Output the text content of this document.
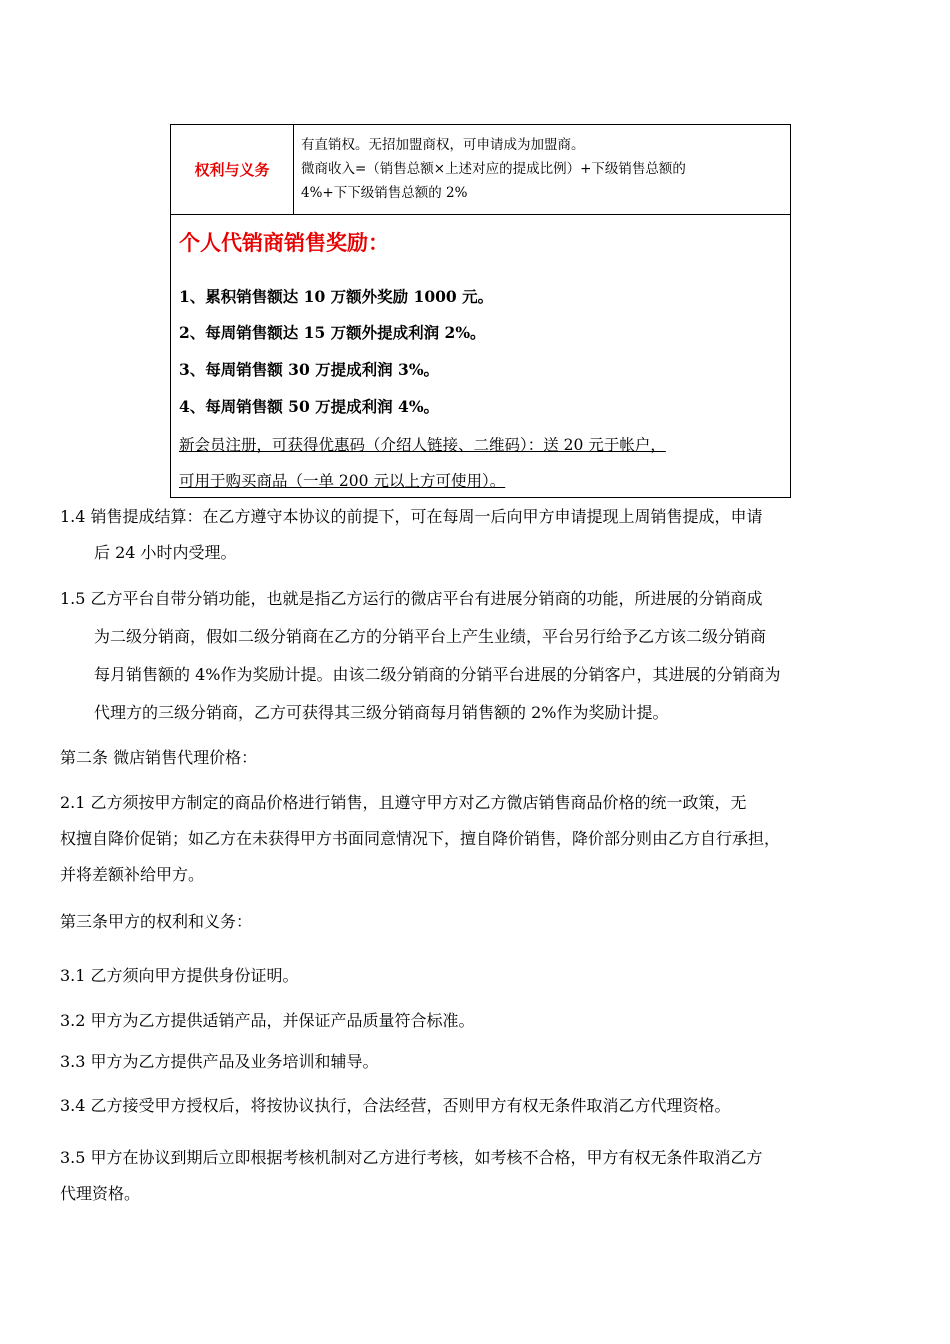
权利与义务
有直销权。无招加盟商权，可申请成为加盟商。
微商收入=（销售总额×上述对应的提成比例）+下级销售总额的
4%+下下级销售总额的 2%
个人代销商销售奖励：
1、累积销售额达 10 万额外奖励 1000 元。
2、每周销售额达 15 万额外提成利润 2%。
3、每周销售额 30 万提成利润 3%。
4、每周销售额 50 万提成利润 4%。
新会员注册，可获得优惠码（介绍人链接、二维码）：送 20 元于帐户，
可用于购买商品（一单 200 元以上方可使用）。
1.4 销售提成结算：在乙方遵守本协议的前提下，可在每周一后向甲方申请提现上周销售提成，申请
后 24 小时内受理。
1.5 乙方平台自带分销功能，也就是指乙方运行的微店平台有进展分销商的功能，所进展的分销商成
为二级分销商，假如二级分销商在乙方的分销平台上产生业绩，平台另行给予乙方该二级分销商
每月销售额的 4%作为奖励计提。由该二级分销商的分销平台进展的分销客户，其进展的分销商为
代理方的三级分销商，乙方可获得其三级分销商每月销售额的 2%作为奖励计提。
第二条 微店销售代理价格：
2.1 乙方须按甲方制定的商品价格进行销售，且遵守甲方对乙方微店销售商品价格的统一政策，无
权擅自降价促销；如乙方在未获得甲方书面同意情况下，擅自降价销售，降价部分则由乙方自行承担，
并将差额补给甲方。
第三条甲方的权利和义务：
3.1 乙方须向甲方提供身份证明。
3.2 甲方为乙方提供适销产品，并保证产品质量符合标准。
3.3 甲方为乙方提供产品及业务培训和辅导。
3.4 乙方接受甲方授权后，将按协议执行，合法经营，否则甲方有权无条件取消乙方代理资格。
3.5 甲方在协议到期后立即根据考核机制对乙方进行考核，如考核不合格，甲方有权无条件取消乙方
代理资格。
